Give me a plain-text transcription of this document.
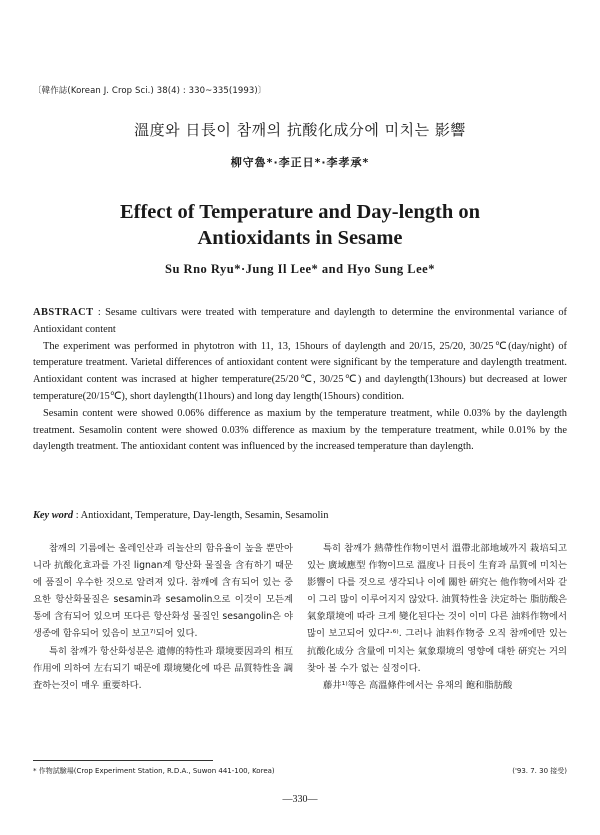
〔韓作誌(Korean J. Crop Sci.) 38(4) : 330~335(1993)〕
溫度와 日長이 참깨의 抗酸化成分에 미치는 影響
柳守魯*·李正日*·李孝承*
Effect of Temperature and Day-length on
Antioxidants in Sesame
Su Rno Ryu*·Jung Il Lee* and Hyo Sung Lee*

ABSTRACT : Sesame cultivars were treated with temperature and daylength to determine the environmental variance of Antioxidant content

The experiment was performed in phytotron with 11, 13, 15hours of daylength and 20/15, 25/20, 30/25℃(day/night) of temperature treatment. Varietal differences of antioxidant content were significant by the temperature and daylength treatment. Antioxidant content was incrased at higher temperature(25/20℃, 30/25℃) and daylength(13hours) but decreased at lower temperature(20/15℃), short daylength(11hours) and long day length(15hours) condition.

Sesamin content were showed 0.06% difference as maxium by the temperature treatment, while 0.03% by the daylength treatment. Sesamolin content were showed 0.03% difference as maxium by the temperature treatment, while 0.01% by the daylength treatment. The antioxidant content was influenced by the increased temperature than daylength.

Key word : Antioxidant, Temperature, Day-length, Sesamin, Sesamolin

참깨의 기름에는 올레인산과 리놀산의 함유율이 높을 뿐만아니라 抗酸化효과를 가진 lignan계 항산화 물질을 含有하기 때문에 품질이 우수한 것으로 알려져 있다. 참깨에 含有되어 있는 중요한 항산화물질은 sesamin과 sesamolin으로 이것이 모든계통에 含有되어 있으며 또다른 항산화성 물질인 sesangolin은 야생종에 함유되어 있음이 보고⁷⁾되어 있다.

특히 참깨가 항산화성분은 遺傳的特性과 環境要因과의 相互作用에 의하여 左右되기 때문에 環境變化에 따른 品質特性을 調査하는것이 매우 重要하다.

특히 참깨가 熱帶性作物이면서 溫帶北部地域까지 栽培되고 있는 廣域應型 作物이므로 溫度나 日長이 生育과 品質에 미치는 影響이 다를 것으로 생각되나 이에 關한 硏究는 他作物에서와 같이 그리 많이 이루어지지 않았다. 油質特性을 決定하는 脂肪酸은 氣象環境에 따라 크게 變化된다는 것이 이미 다른 油料作物에서 많이 보고되어 있다²·⁶⁾. 그러나 油料作物중 오직 참깨에만 있는 抗酸化成分 含量에 미치는 氣象環境의 영향에 대한 硏究는 거의 찾아 볼 수가 없는 실정이다.

藤井¹⁾等은 高溫條件에서는 유채의 飽和脂肪酸

* 作物試驗場(Crop Experiment Station, R.D.A., Suwon 441-100, Korea)	('93. 7. 30 接受)
—330—
